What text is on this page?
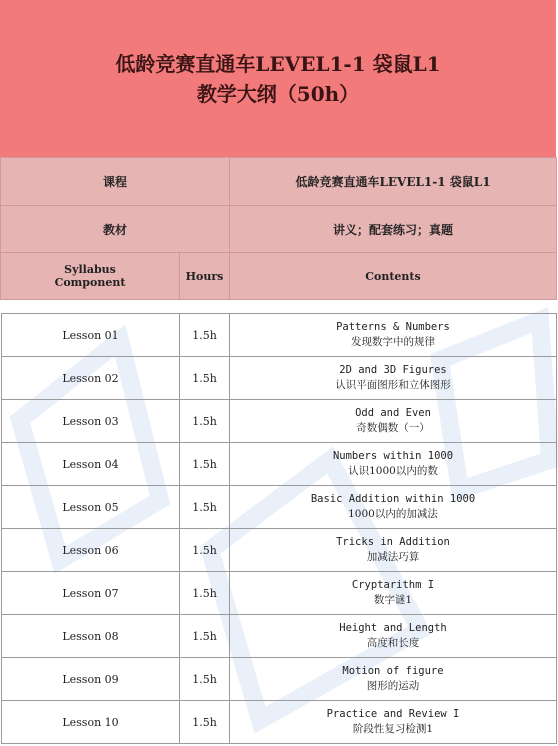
低龄竞赛直通车LEVEL1-1 袋鼠L1
教学大纲（50h）
课程	低龄竞赛直通车LEVEL1-1 袋鼠L1
教材	讲义；配套练习；真题
Syllabus
Component	Hours	Contents
Lesson 01	1.5h	Patterns & Numbers
发现数字中的规律

Lesson 02	1.5h	2D and 3D Figures
认识平面图形和立体图形

Lesson 03	1.5h	Odd and Even
奇数偶数（一）

Lesson 04	1.5h	Numbers within 1000
认识1000以内的数

Lesson 05	1.5h	Basic Addition within 1000
1000以内的加减法

Lesson 06	1.5h	Tricks in Addition
加减法巧算

Lesson 07	1.5h	Cryptarithm I
数字谜1

Lesson 08	1.5h	Height and Length
高度和长度

Lesson 09	1.5h	Motion of figure
图形的运动

Lesson 10	1.5h	Practice and Review I
阶段性复习检测1
